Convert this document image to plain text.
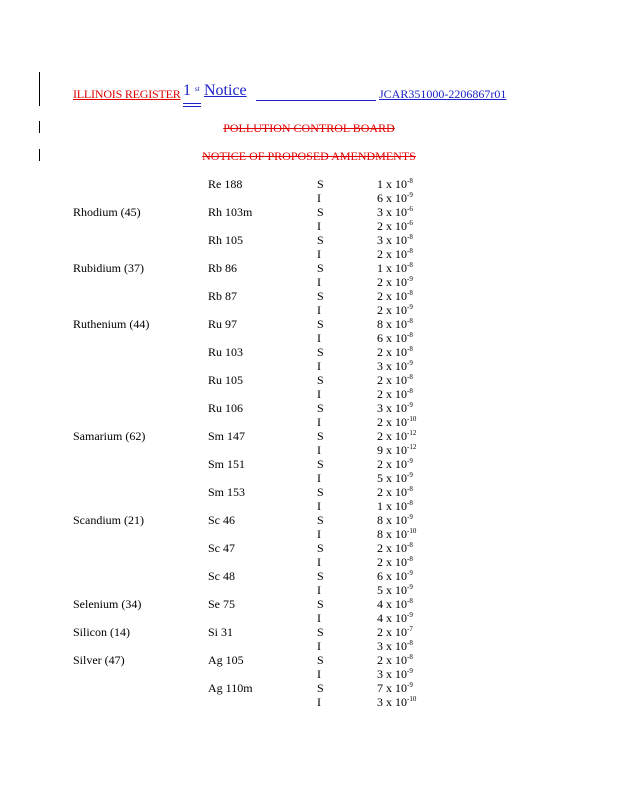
ILLINOIS REGISTER 1 st Notice	JCAR351000-2206867r01
POLLUTION CONTROL BOARD
NOTICE OF PROPOSED AMENDMENTS
Re 188	S	1 x $10^{-8}$
I	6 x $10^{-9}$
Rhodium (45)	Rh 103m	S	3 x $10^{-6}$
I	2 x $10^{-6}$
Rh 105	S	3 x $10^{-8}$
I	2 x $10^{-8}$
Rubidium (37)	Rb 86	S	1 x $10^{-8}$
I	2 x $10^{-9}$
Rb 87	S	2 x $10^{-8}$
I	2 x $10^{-9}$
Ruthenium (44)	Ru 97	S	8 x $10^{-8}$
I	6 x $10^{-8}$
Ru 103	S	2 x $10^{-8}$
I	3 x $10^{-9}$
Ru 105	S	2 x $10^{-8}$
I	2 x $10^{-8}$
Ru 106	S	3 x $10^{-9}$
I	2 x $10^{-10}$
Samarium (62)	Sm 147	S	2 x $10^{-12}$
I	9 x $10^{-12}$
Sm 151	S	2 x $10^{-9}$
I	5 x $10^{-9}$
Sm 153	S	2 x $10^{-8}$
I	1 x $10^{-8}$
Scandium (21)	Sc 46	S	8 x $10^{-9}$
I	8 x $10^{-10}$
Sc 47	S	2 x $10^{-8}$
I	2 x $10^{-8}$
Sc 48	S	6 x $10^{-9}$
I	5 x $10^{-9}$
Selenium (34)	Se 75	S	4 x $10^{-8}$
I	4 x $10^{-9}$
Silicon (14)	Si 31	S	2 x $10^{-7}$
I	3 x $10^{-8}$
Silver (47)	Ag 105	S	2 x $10^{-8}$
I	3 x $10^{-9}$
Ag 110m	S	7 x $10^{-9}$
I	3 x $10^{-10}$
